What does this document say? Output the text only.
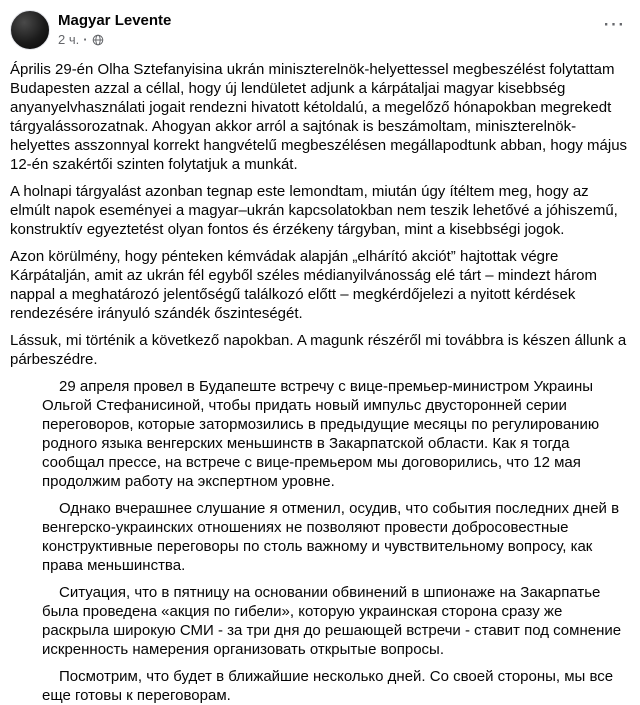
Magyar Levente
2 ч. ·
⋯

Április 29-én Olha Sztefanyisina ukrán miniszterelnök-helyettessel megbeszélést folytattam Budapesten azzal a céllal, hogy új lendületet adjunk a kárpátaljai magyar kisebbség anyanyelvhasználati jogait rendezni hivatott kétoldalú, a megelőző hónapokban megrekedt tárgyalássorozatnak. Ahogyan akkor arról a sajtónak is beszámoltam, miniszterelnök-helyettes asszonnyal korrekt hangvételű megbeszélésen megállapodtunk abban, hogy május 12-én szakértői szinten folytatjuk a munkát.

A holnapi tárgyalást azonban tegnap este lemondtam, miután úgy ítéltem meg, hogy az elmúlt napok eseményei a magyar–ukrán kapcsolatokban nem teszik lehetővé a jóhiszemű, konstruktív egyeztetést olyan fontos és érzékeny tárgyban, mint a kisebbségi jogok.

Azon körülmény, hogy pénteken kémvádak alapján „elhárító akciót” hajtottak végre Kárpátalján, amit az ukrán fél egyből széles médianyilvánosság elé tárt – mindezt három nappal a meghatározó jelentőségű találkozó előtt – megkérdőjelezi a nyitott kérdések rendezésére irányuló szándék őszinteségét.

Lássuk, mi történik a következő napokban. A magunk részéről mi továbbra is készen állunk a párbeszédre.

29 апреля провел в Будапеште встречу с вице-премьер-министром Украины Ольгой Стефанисиной, чтобы придать новый импульс двусторонней серии переговоров, которые затормозились в предыдущие месяцы по регулированию родного языка венгерских меньшинств в Закарпатской области. Как я тогда сообщал прессе, на встрече с вице-премьером мы договорились, что 12 мая продолжим работу на экспертном уровне.

Однако вчерашнее слушание я отменил, осудив, что события последних дней в венгерско-украинских отношениях не позволяют провести добросовестные конструктивные переговоры по столь важному и чувствительному вопросу, как права меньшинства.

Ситуация, что в пятницу на основании обвинений в шпионаже на Закарпатье была проведена «акция по гибели», которую украинская сторона сразу же раскрыла широкую СМИ - за три дня до решающей встречи - ставит под сомнение искренность намерения организовать открытые вопросы.

Посмотрим, что будет в ближайшие несколько дней. Со своей стороны, мы все еще готовы к переговорам.
